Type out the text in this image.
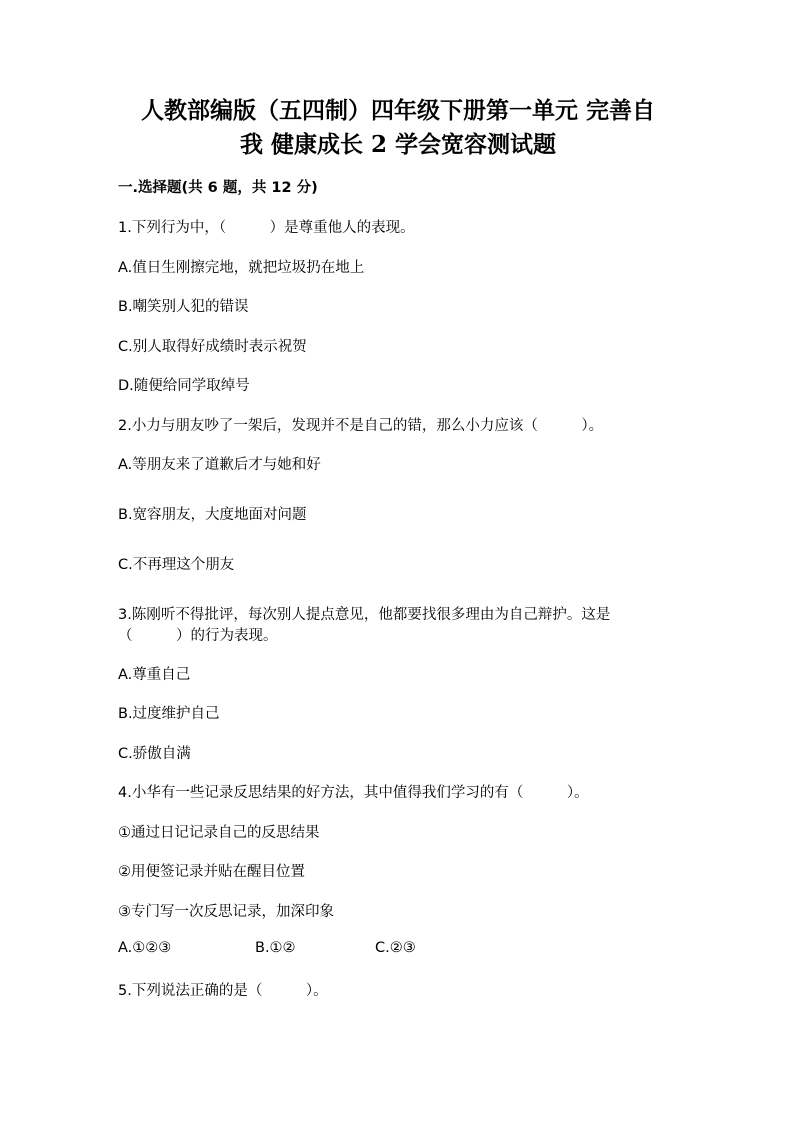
人教部编版（五四制）四年级下册第一单元 完善自
我 健康成长 2 学会宽容测试题
一.选择题(共 6 题，共 12 分)
1.下列行为中，（　　　）是尊重他人的表现。
A.值日生刚擦完地，就把垃圾扔在地上
B.嘲笑别人犯的错误
C.别人取得好成绩时表示祝贺
D.随便给同学取绰号
2.小力与朋友吵了一架后，发现并不是自己的错，那么小力应该（　　　）。
A.等朋友来了道歉后才与她和好
B.宽容朋友，大度地面对问题
C.不再理这个朋友
3.陈刚听不得批评，每次别人提点意见，他都要找很多理由为自己辩护。这是
（　　　）的行为表现。
A.尊重自己
B.过度维护自己
C.骄傲自满
4.小华有一些记录反思结果的好方法，其中值得我们学习的有（　　　）。
①通过日记记录自己的反思结果
②用便签记录并贴在醒目位置
③专门写一次反思记录，加深印象
A.①②③	B.①②	C.②③
5.下列说法正确的是（　　　）。
